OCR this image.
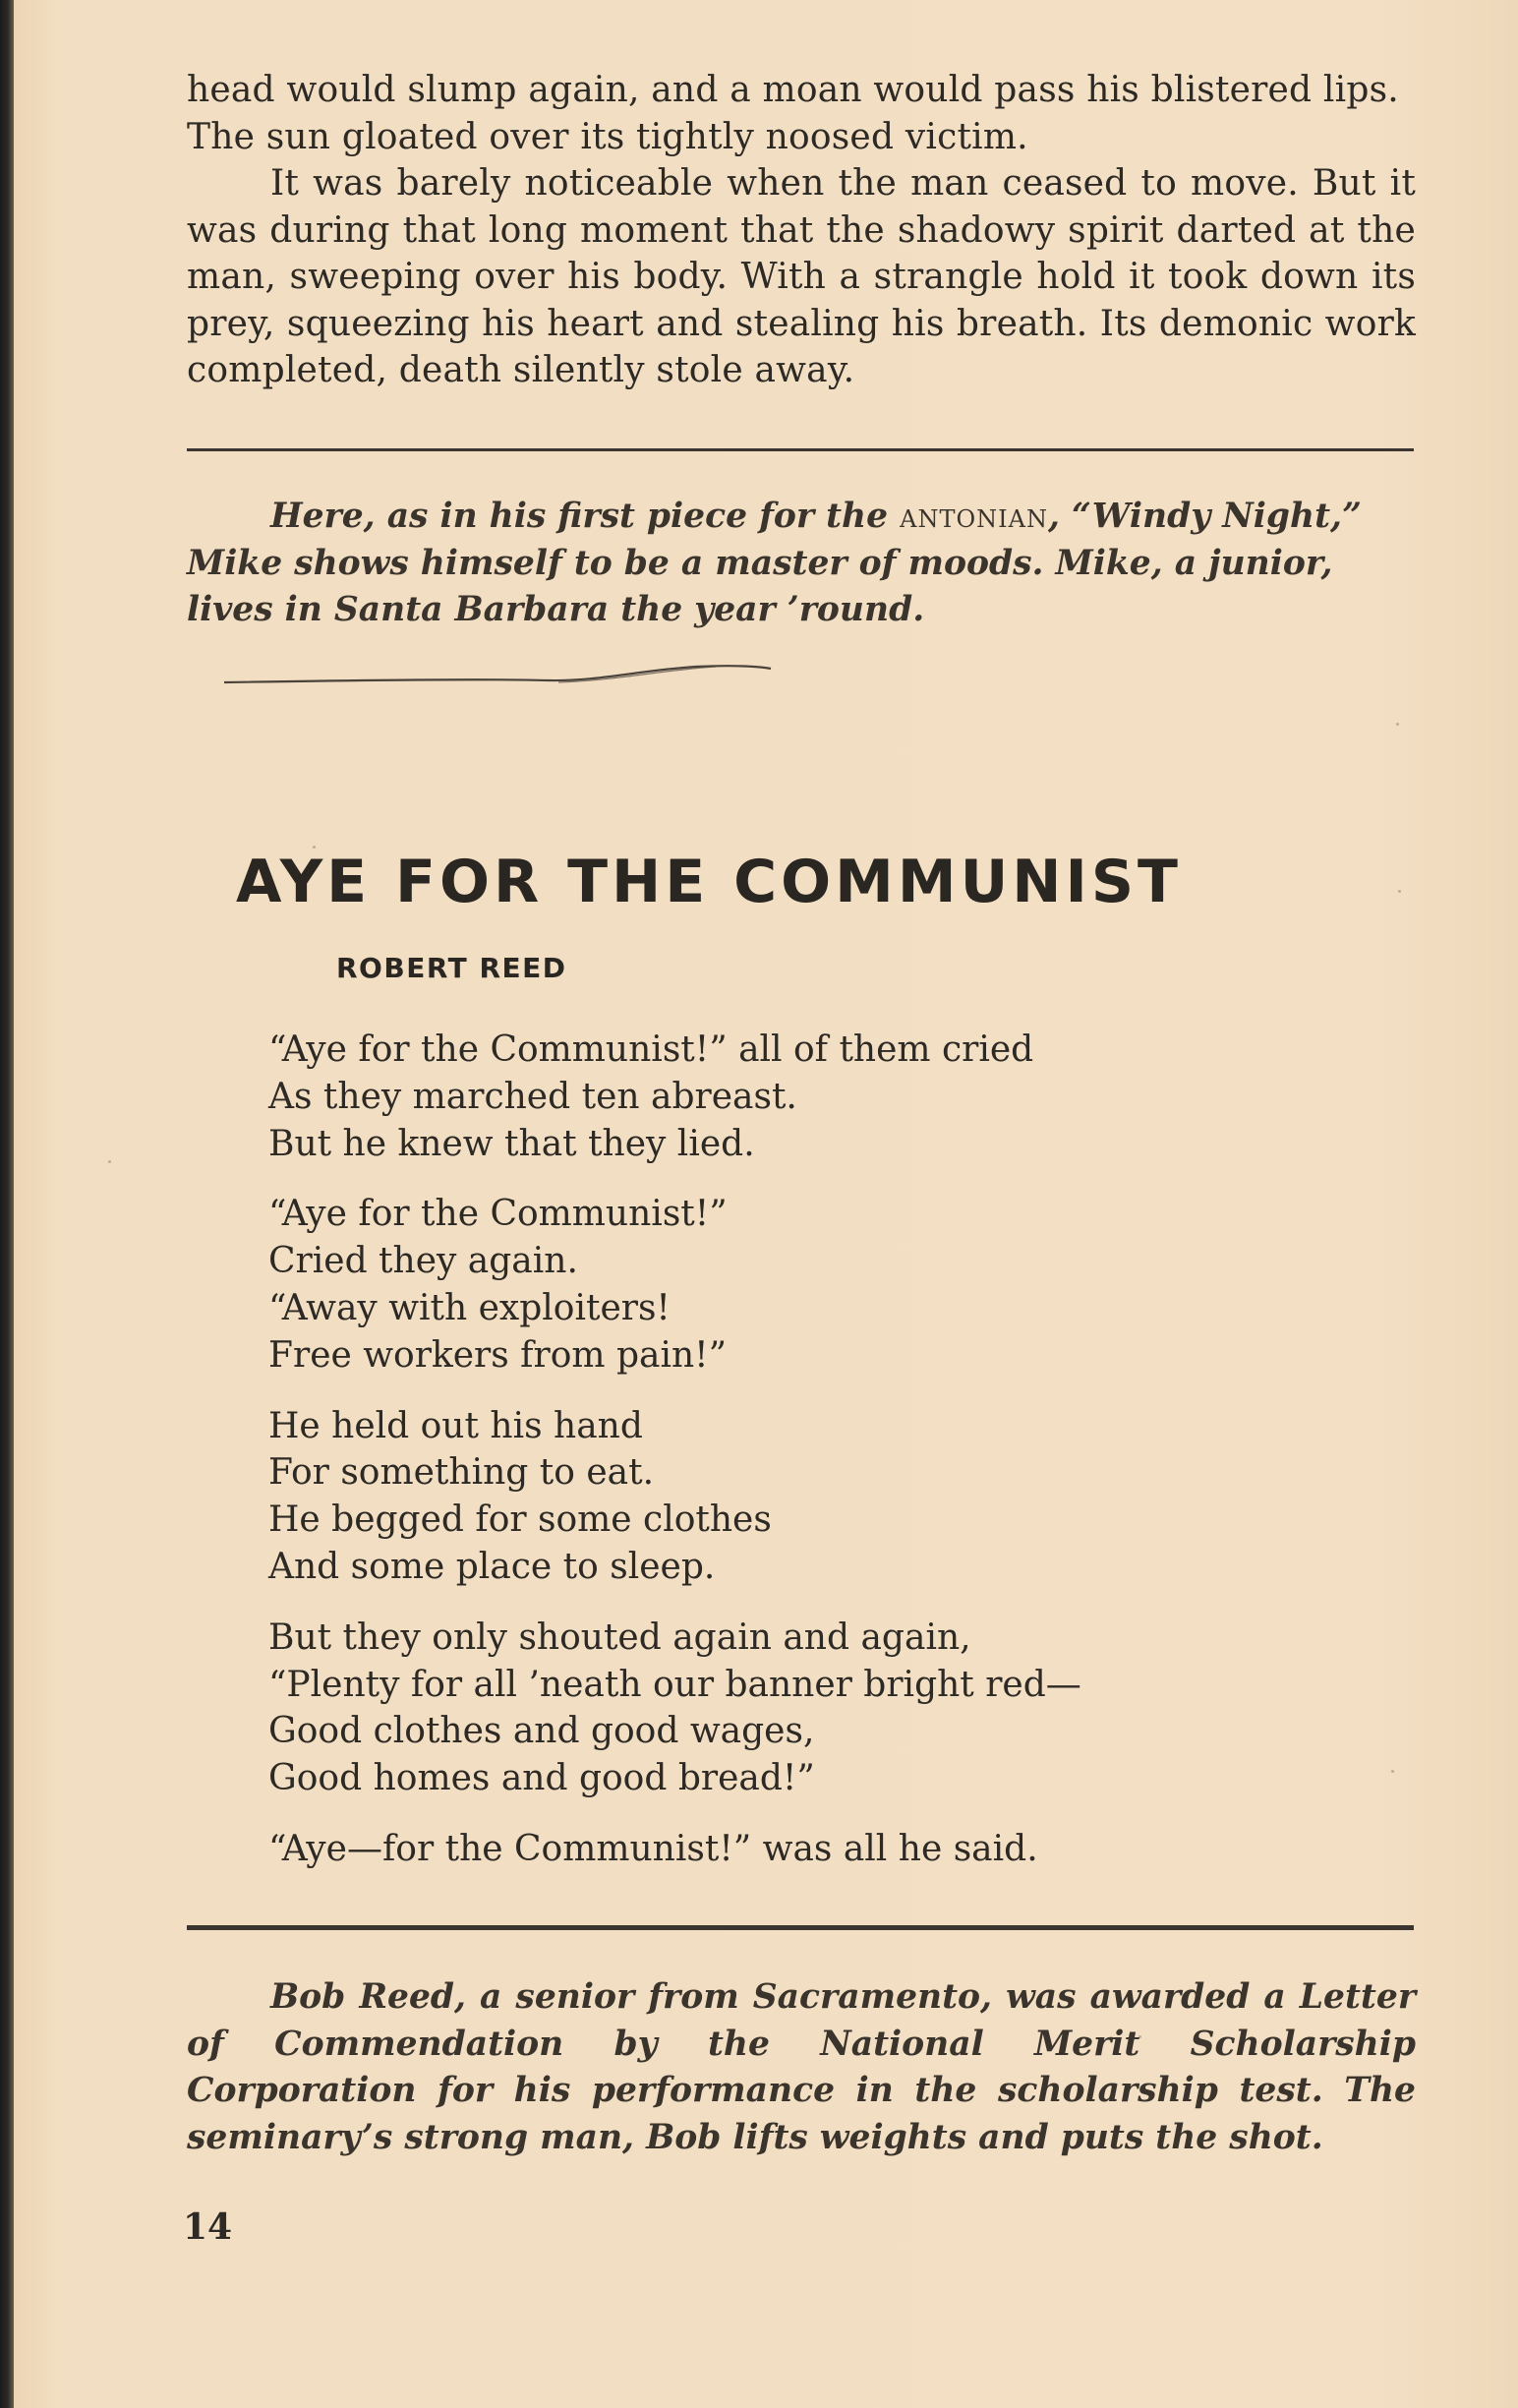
head would slump again, and a moan would pass his blistered lips. The sun gloated over its tightly noosed victim.

It was barely noticeable when the man ceased to move. But it was during that long moment that the shadowy spirit darted at the man, sweeping over his body. With a strangle hold it took down its prey, squeezing his heart and stealing his breath. Its demonic work completed, death silently stole away.

Here, as in his first piece for the antonian, “Windy Night,” Mike shows himself to be a master of moods. Mike, a junior, lives in Santa Barbara the year ’round.

AYE FOR THE COMMUNIST
ROBERT REED
“Aye for the Communist!” all of them cried
As they marched ten abreast.
But he knew that they lied.
“Aye for the Communist!”
Cried they again.
“Away with exploiters!
Free workers from pain!”
He held out his hand
For something to eat.
He begged for some clothes
And some place to sleep.
But they only shouted again and again,
“Plenty for all ’neath our banner bright red—
Good clothes and good wages,
Good homes and good bread!”
“Aye—for the Communist!” was all he said.

Bob Reed, a senior from Sacramento, was awarded a Letter of Commendation by the National Merit Scholarship Corporation for his performance in the scholarship test. The seminary’s strong man, Bob lifts weights and puts the shot.

14
